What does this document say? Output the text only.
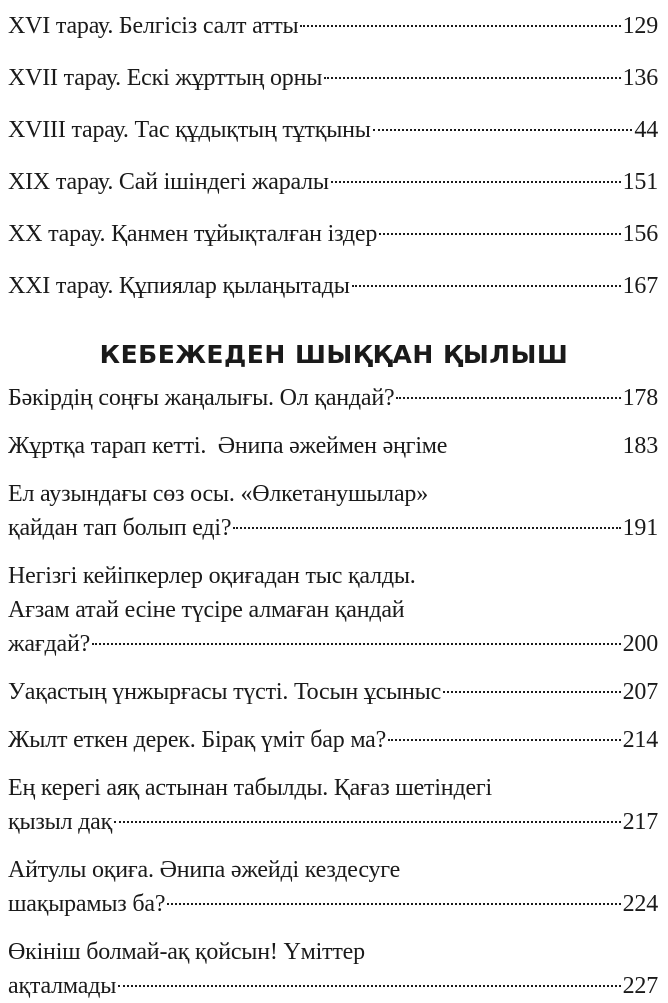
XVI тарау. Белгісіз салт атты	129
XVII тарау. Ескі жұрттың орны	136
XVIII тарау. Тас құдықтың тұтқыны	44
XIX тарау. Сай ішіндегі жаралы	151
XX тарау. Қанмен тұйықталған іздер	156
XXI тарау. Құпиялар қылаңытады	167
КЕБЕЖЕДЕН ШЫҚҚАН ҚЫЛЫШ
Бәкірдің соңғы жаңалығы. Ол қандай?	178
Жұртқа тарап кетті.  Әнипа әжеймен әңгіме	183
Ел аузындағы сөз осы. «Өлкетанушылар»
қайдан тап болып еді?	191
Негізгі кейіпкерлер оқиғадан тыс қалды.
Ағзам атай есіне түсіре алмаған қандай
жағдай?	200
Уақастың үнжырғасы түсті. Тосын ұсыныс	207
Жылт еткен дерек. Бірақ үміт бар ма?	214
Ең керегі аяқ астынан табылды. Қағаз шетіндегі
қызыл дақ	217
Айтулы оқиға. Әнипа әжейді кездесуге
шақырамыз ба?	224
Өкініш болмай-ақ қойсын! Үміттер
ақталмады	227
